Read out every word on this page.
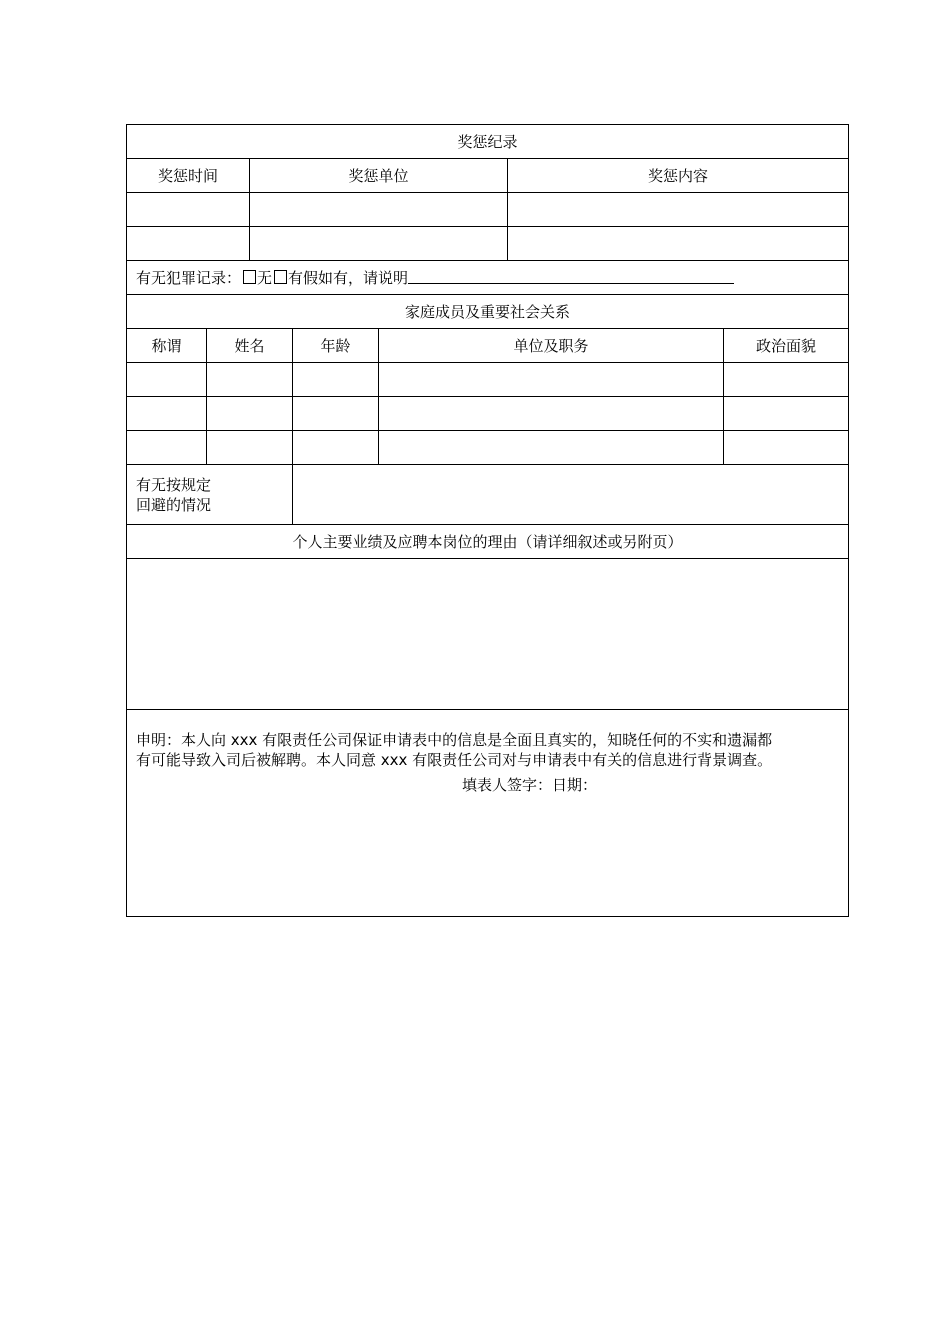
奖惩纪录						
奖惩时间		奖惩单位			奖惩内容	

有无犯罪记录： 无 有假如有，请说明						
家庭成员及重要社会关系						
称谓	姓名		年龄	单位及职务		政治面貌

有无按规定
回避的情况						
个人主要业绩及应聘本岗位的理由（请详细叙述或另附页）						

申明：本人向 xxx 有限责任公司保证申请表中的信息是全面且真实的，知晓任何的不实和遗漏都

有可能导致入司后被解聘。本人同意 xxx 有限责任公司对与申请表中有关的信息进行背景调查。

填表人签字：日期：						
